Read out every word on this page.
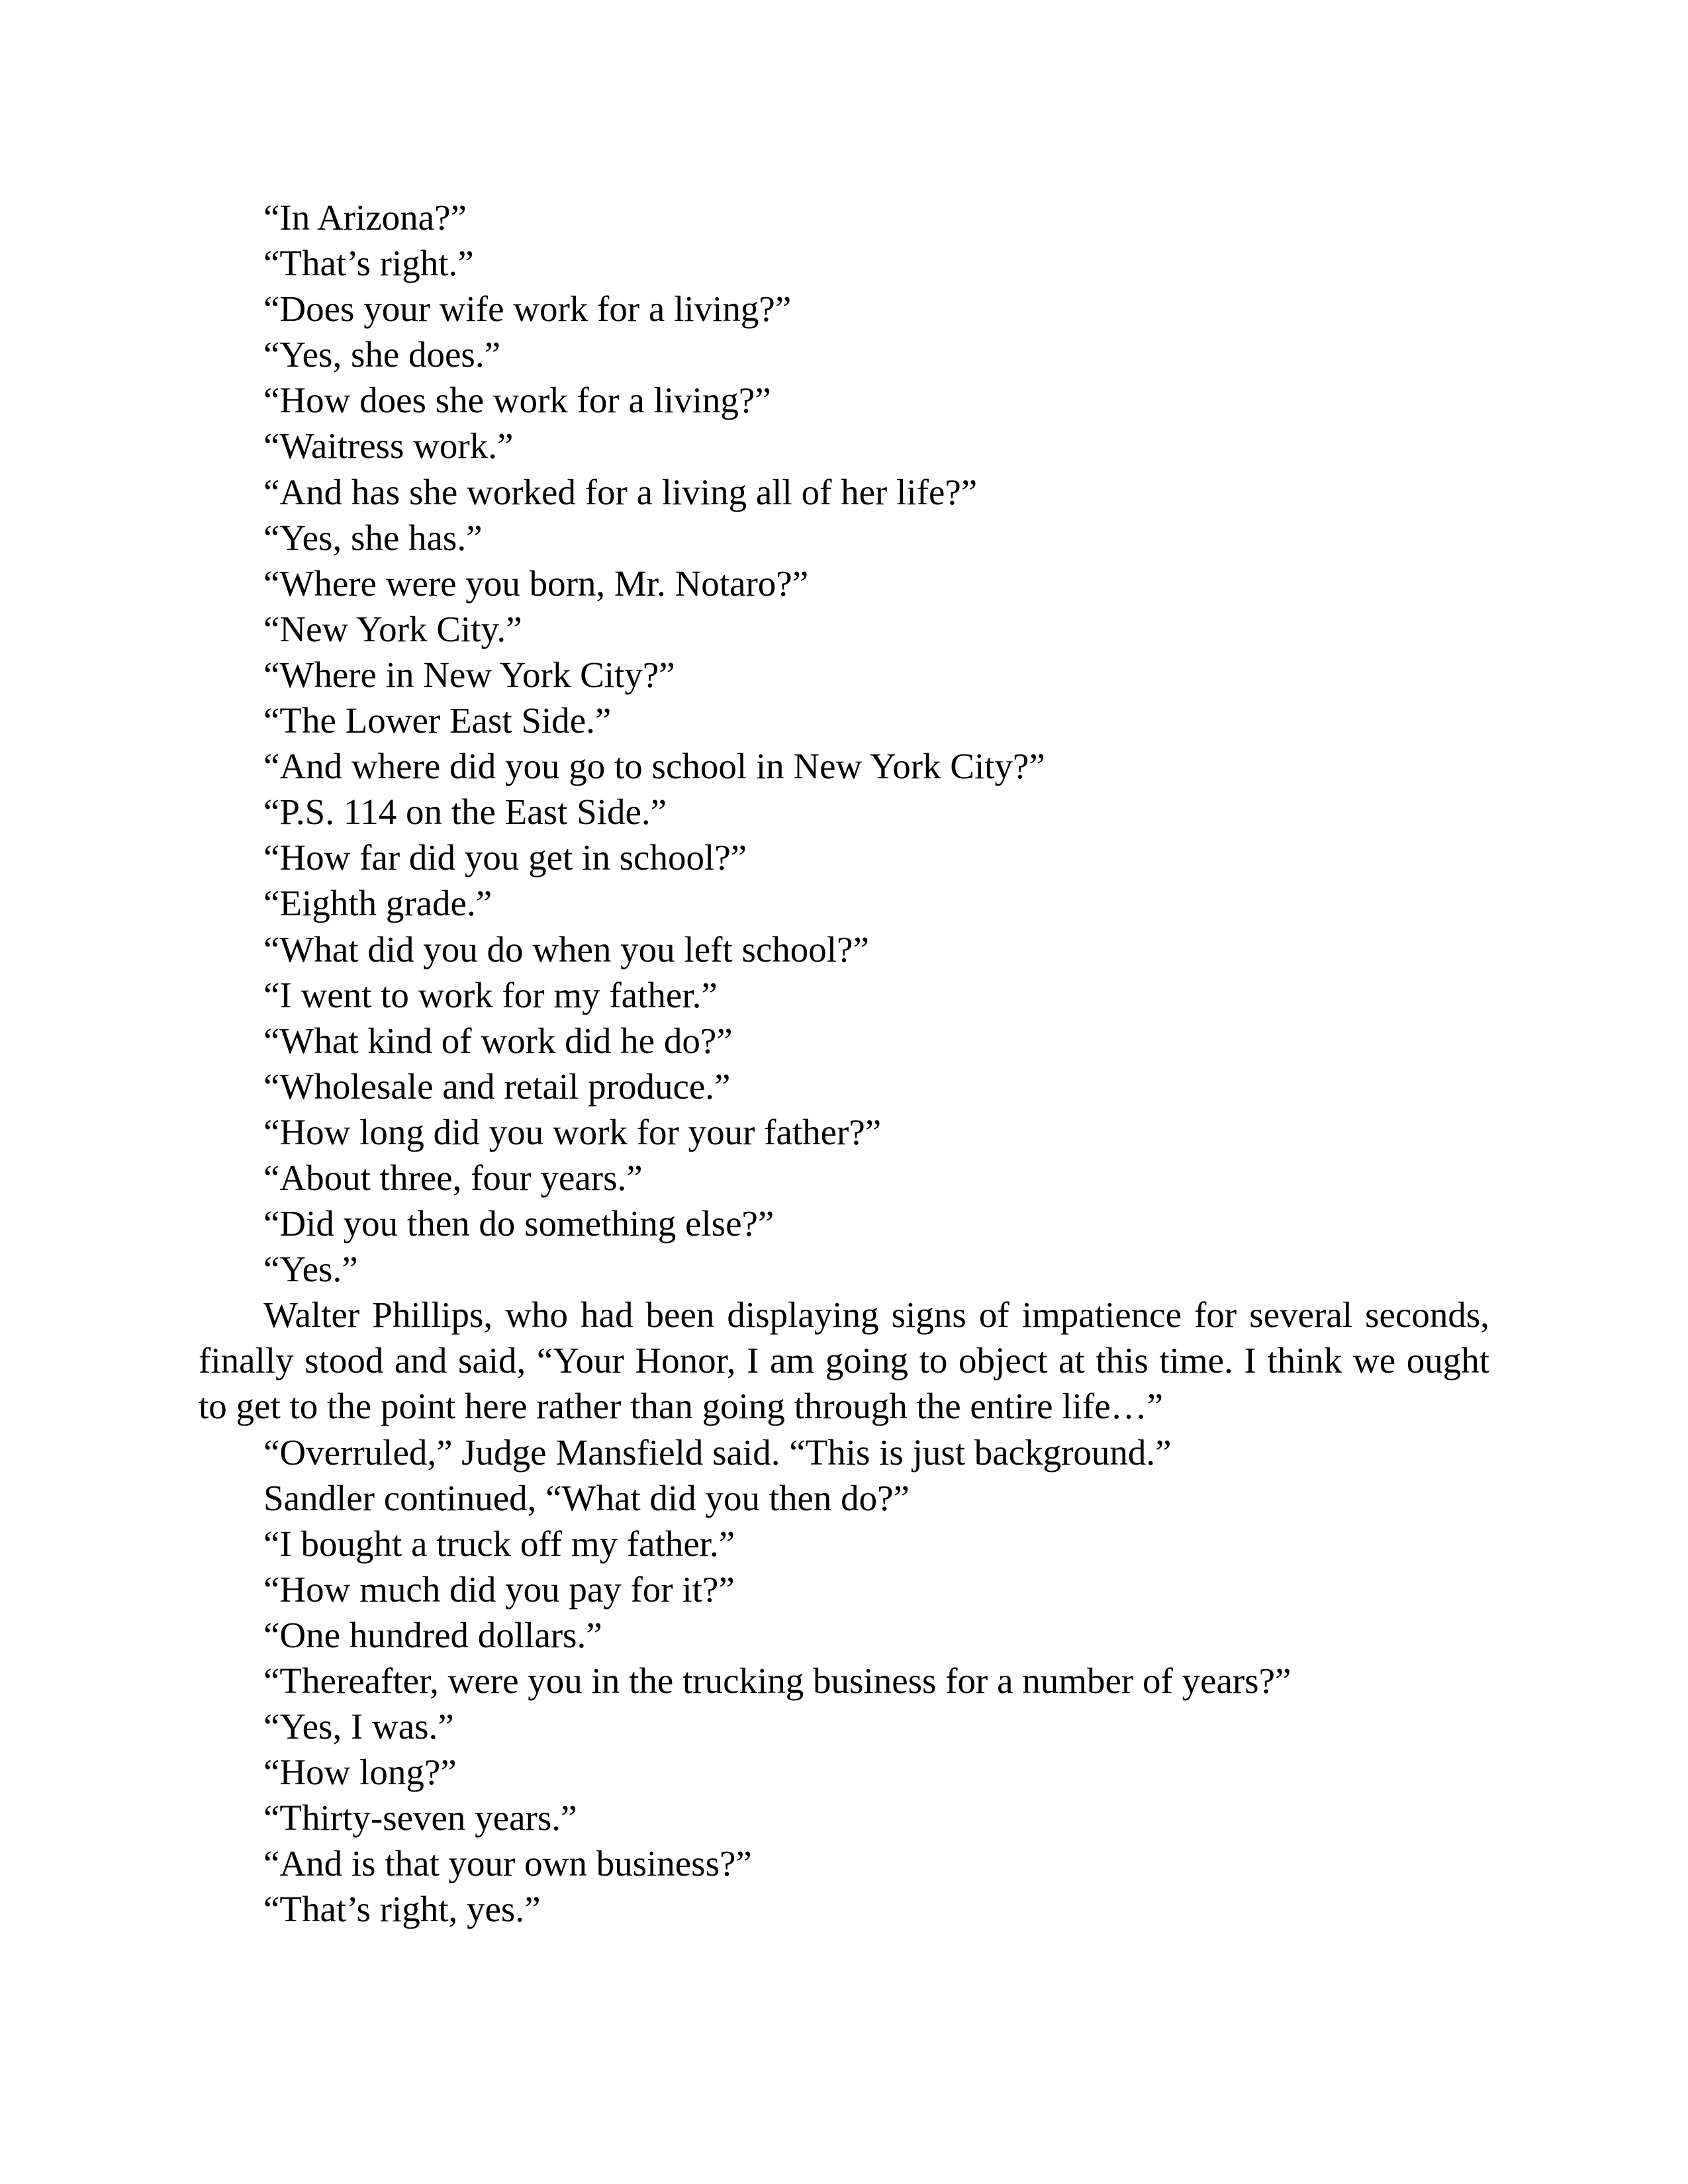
“In Arizona?”

“That’s right.”

“Does your wife work for a living?”

“Yes, she does.”

“How does she work for a living?”

“Waitress work.”

“And has she worked for a living all of her life?”

“Yes, she has.”

“Where were you born, Mr. Notaro?”

“New York City.”

“Where in New York City?”

“The Lower East Side.”

“And where did you go to school in New York City?”

“P.S. 114 on the East Side.”

“How far did you get in school?”

“Eighth grade.”

“What did you do when you left school?”

“I went to work for my father.”

“What kind of work did he do?”

“Wholesale and retail produce.”

“How long did you work for your father?”

“About three, four years.”

“Did you then do something else?”

“Yes.”

Walter Phillips, who had been displaying signs of impatience for several seconds, finally stood and said, “Your Honor, I am going to object at this time. I think we ought to get to the point here rather than going through the entire life…”

“Overruled,” Judge Mansfield said. “This is just background.”

Sandler continued, “What did you then do?”

“I bought a truck off my father.”

“How much did you pay for it?”

“One hundred dollars.”

“Thereafter, were you in the trucking business for a number of years?”

“Yes, I was.”

“How long?”

“Thirty-seven years.”

“And is that your own business?”

“That’s right, yes.”
